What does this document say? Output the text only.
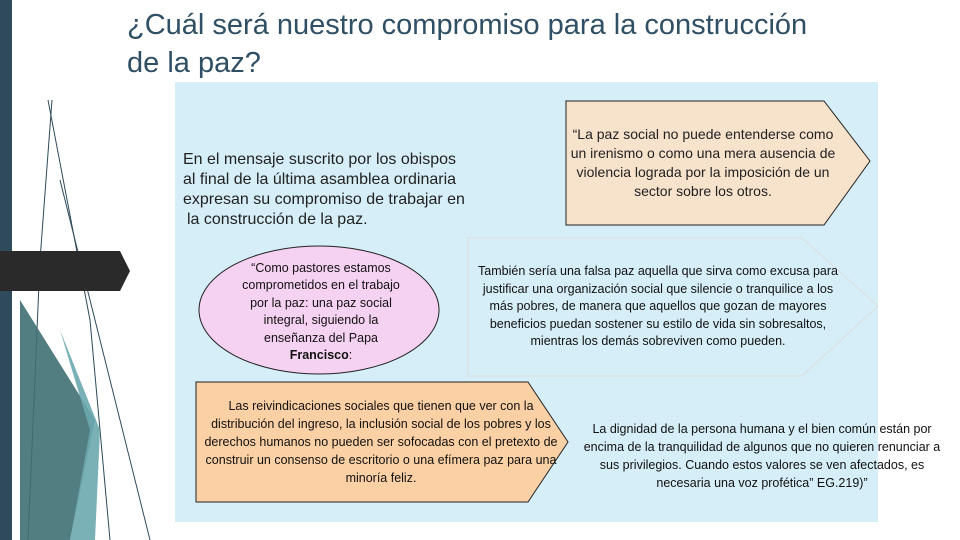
¿Cuál será nuestro compromiso para la construcción
de la paz?
En el mensaje suscrito por los obispos
al final de la última asamblea ordinaria
expresan su compromiso de trabajar en
la construcción de la paz.
“La paz social no puede entenderse como un irenismo o como una mera ausencia de violencia lograda por la imposición de un sector sobre los otros.
“Como pastores estamos comprometidos en el trabajo por la paz: una paz social integral, siguiendo la enseñanza del Papa Francisco:
También sería una falsa paz aquella que sirva como excusa para justificar una organización social que silencie o tranquilice a los más pobres, de manera que aquellos que gozan de mayores beneficios puedan sostener su estilo de vida sin sobresaltos, mientras los demás sobreviven como pueden.
Las reivindicaciones sociales que tienen que ver con la distribución del ingreso, la inclusión social de los pobres y los derechos humanos no pueden ser sofocadas con el pretexto de construir un consenso de escritorio o una efímera paz para una minoría feliz.
La dignidad de la persona humana y el bien común están por encima de la tranquilidad de algunos que no quieren renunciar a sus privilegios. Cuando estos valores se ven afectados, es necesaria una voz profética” EG.219)”
